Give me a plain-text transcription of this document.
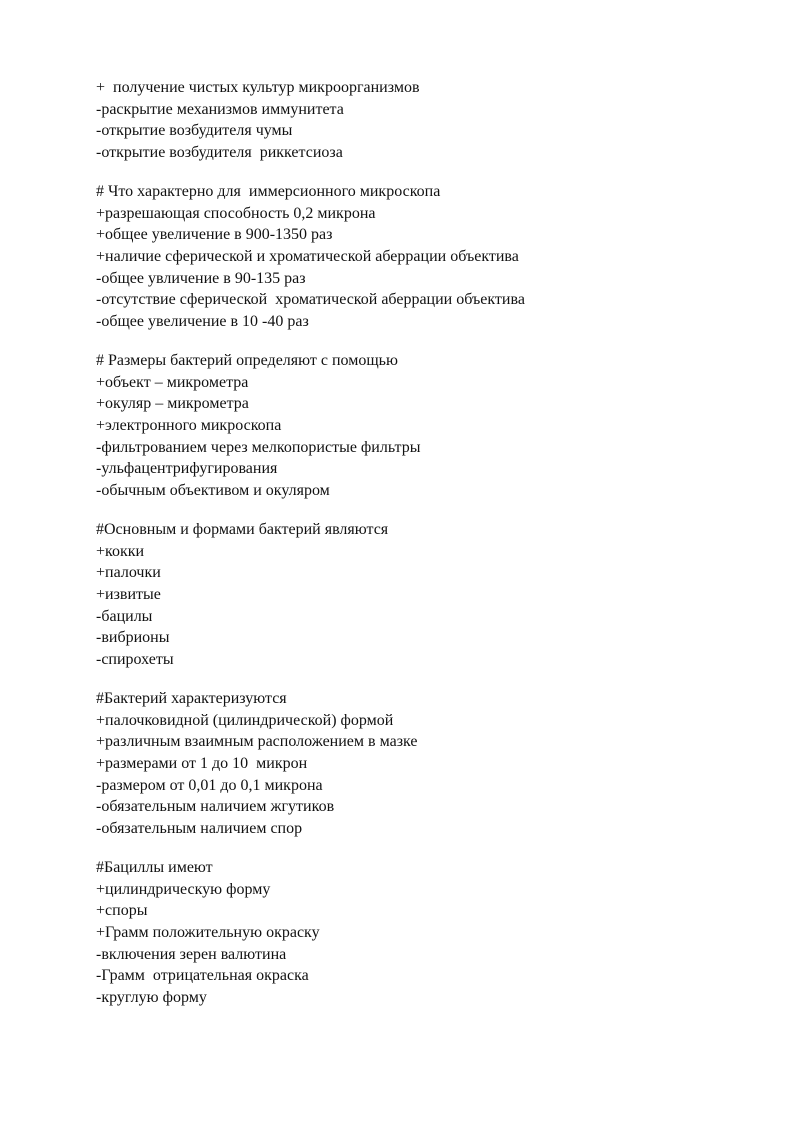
+  получение чистых культур микроорганизмов
-раскрытие механизмов иммунитета
-открытие возбудителя чумы
-открытие возбудителя  риккетсиоза
# Что характерно для  иммерсионного микроскопа
+разрешающая способность 0,2 микрона
+общее увеличение в 900-1350 раз
+наличие сферической и хроматической аберрации объектива
-общее увличение в 90-135 раз
-отсутствие сферической  хроматической аберрации объектива
-общее увеличение в 10 -40 раз
# Размеры бактерий определяют с помощью
+объект – микрометра
+окуляр – микрометра
+электронного микроскопа
-фильтрованием через мелкопористые фильтры
-ульфацентрифугирования
-обычным объективом и окуляром
#Основным и формами бактерий являются
+кокки
+палочки
+извитые
-бацилы
-вибрионы
-спирохеты
#Бактерий характеризуются
+палочковидной (цилиндрической) формой
+различным взаимным расположением в мазке
+размерами от 1 до 10  микрон
-размером от 0,01 до 0,1 микрона
-обязательным наличием жгутиков
-обязательным наличием спор
#Бациллы имеют
+цилиндрическую форму
+споры
+Грамм положительную окраску
-включения зерен валютина
-Грамм  отрицательная окраска
-круглую форму
